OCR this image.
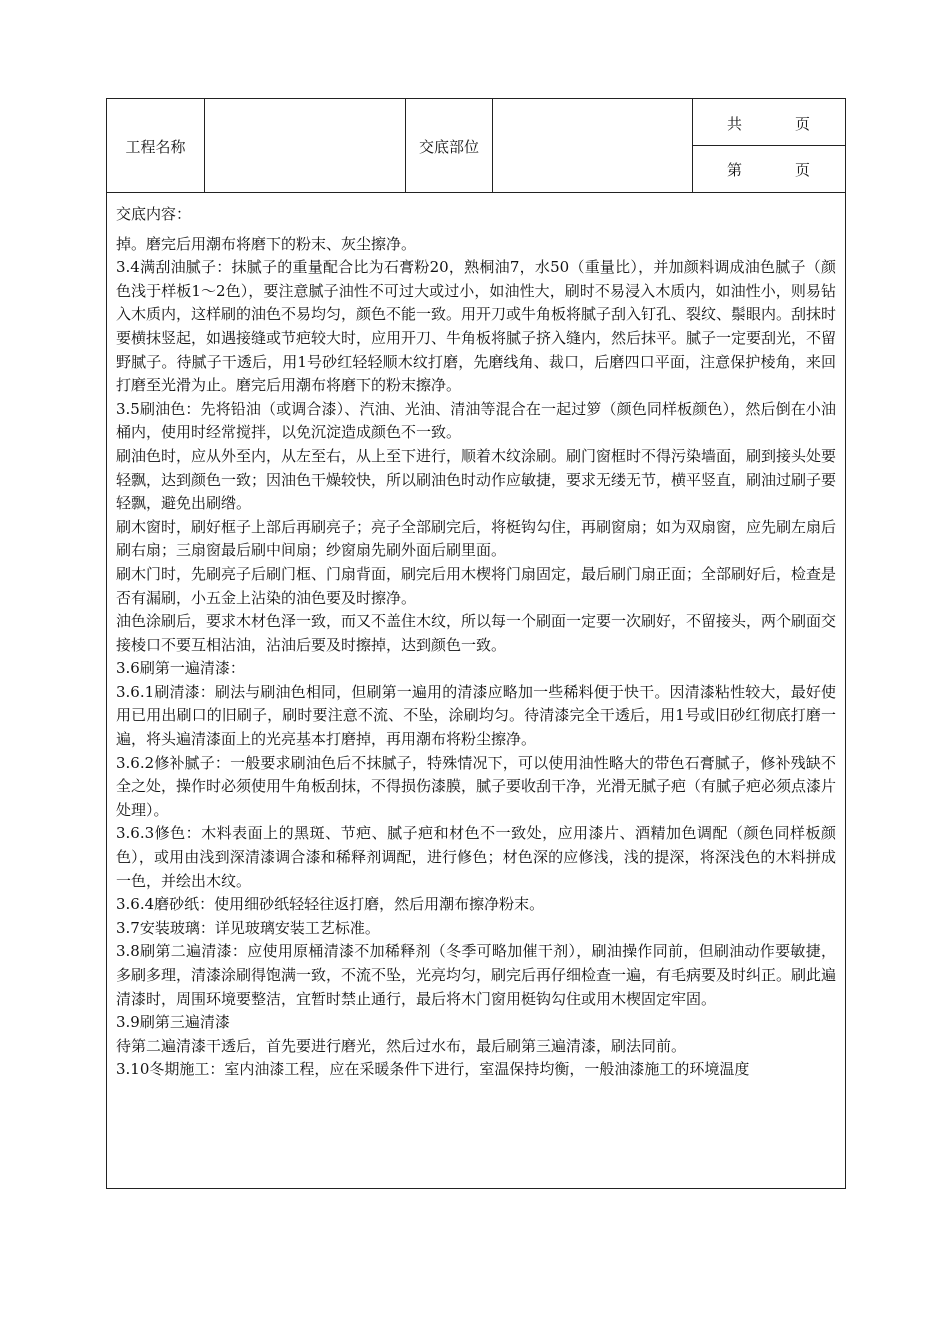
工程名称	交底部位
共	页
第	页

交底内容：

掉。磨完后用潮布将磨下的粉末、灰尘擦净。

3.4满刮油腻子：抹腻子的重量配合比为石膏粉20，熟桐油7，水50（重量比），并加颜料调成油色腻子（颜色浅于样板1～2色），要注意腻子油性不可过大或过小，如油性大，刷时不易浸入木质内，如油性小，则易钻入木质内，这样刷的油色不易均匀，颜色不能一致。用开刀或牛角板将腻子刮入钉孔、裂纹、鬃眼内。刮抹时要横抹竖起，如遇接缝或节疤较大时，应用开刀、牛角板将腻子挤入缝内，然后抹平。腻子一定要刮光，不留野腻子。待腻子干透后，用1号砂红轻轻顺木纹打磨，先磨线角、裁口，后磨四口平面，注意保护棱角，来回打磨至光滑为止。磨完后用潮布将磨下的粉末擦净。

3.5刷油色：先将铅油（或调合漆）、汽油、光油、清油等混合在一起过箩（颜色同样板颜色），然后倒在小油桶内，使用时经常搅拌，以免沉淀造成颜色不一致。

刷油色时，应从外至内，从左至右，从上至下进行，顺着木纹涂刷。刷门窗框时不得污染墙面，刷到接头处要轻飘，达到颜色一致；因油色干燥较快，所以刷油色时动作应敏捷，要求无缕无节，横平竖直，刷油过刷子要轻飘，避免出刷绺。

刷木窗时，刷好框子上部后再刷亮子；亮子全部刷完后，将梃钩勾住，再刷窗扇；如为双扇窗，应先刷左扇后刷右扇；三扇窗最后刷中间扇；纱窗扇先刷外面后刷里面。

刷木门时，先刷亮子后刷门框、门扇背面，刷完后用木楔将门扇固定，最后刷门扇正面；全部刷好后，检查是否有漏刷，小五金上沾染的油色要及时擦净。

油色涂刷后，要求木材色泽一致，而又不盖住木纹，所以每一个刷面一定要一次刷好，不留接头，两个刷面交接棱口不要互相沾油，沾油后要及时擦掉，达到颜色一致。

3.6刷第一遍清漆：

3.6.1刷清漆：刷法与刷油色相同，但刷第一遍用的清漆应略加一些稀料便于快干。因清漆粘性较大，最好使用已用出刷口的旧刷子，刷时要注意不流、不坠，涂刷均匀。待清漆完全干透后，用1号或旧砂红彻底打磨一遍，将头遍清漆面上的光亮基本打磨掉，再用潮布将粉尘擦净。

3.6.2修补腻子：一般要求刷油色后不抹腻子，特殊情况下，可以使用油性略大的带色石膏腻子，修补残缺不全之处，操作时必须使用牛角板刮抹，不得损伤漆膜，腻子要收刮干净，光滑无腻子疤（有腻子疤必须点漆片处理）。

3.6.3修色：木料表面上的黑斑、节疤、腻子疤和材色不一致处，应用漆片、酒精加色调配（颜色同样板颜色），或用由浅到深清漆调合漆和稀释剂调配，进行修色；材色深的应修浅，浅的提深，将深浅色的木料拼成一色，并绘出木纹。

3.6.4磨砂纸：使用细砂纸轻轻往返打磨，然后用潮布擦净粉末。

3.7安装玻璃：详见玻璃安装工艺标准。

3.8刷第二遍清漆：应使用原桶清漆不加稀释剂（冬季可略加催干剂），刷油操作同前，但刷油动作要敏捷，多刷多理，清漆涂刷得饱满一致，不流不坠，光亮均匀，刷完后再仔细检查一遍，有毛病要及时纠正。刷此遍清漆时，周围环境要整洁，宜暂时禁止通行，最后将木门窗用梃钩勾住或用木楔固定牢固。

3.9刷第三遍清漆

待第二遍清漆干透后，首先要进行磨光，然后过水布，最后刷第三遍清漆，刷法同前。

3.10冬期施工：室内油漆工程，应在采暖条件下进行，室温保持均衡，一般油漆施工的环境温度
